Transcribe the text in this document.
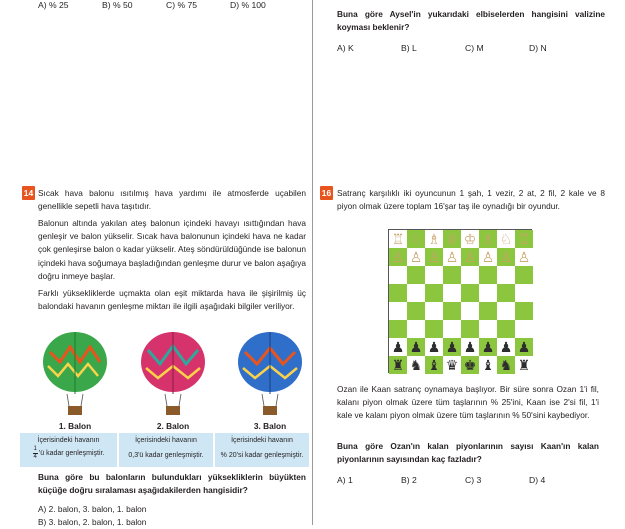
A) % 25	B) % 50	C) % 75	D) % 100
Buna göre Aysel'in yukarıdaki elbiselerden hangisini valizine koyması beklenir?
A) K	B) L	C) M	D) N
14 Sıcak hava balonu ısıtılmış hava yardımı ile atmosferde uçabilen genellikle sepetli hava taşıtıdır.
Balonun altında yakılan ateş balonun içindeki havayı ısıttığından hava genleşir ve balon yükselir. Sıcak hava balonunun içindeki hava ne kadar çok genleşirse balon o kadar yükselir. Ateş söndürüldüğünde ise balonun içindeki hava soğumaya başladığından genleşme durur ve balon aşağıya doğru inmeye başlar.
Farklı yüksekliklerde uçmakta olan eşit miktarda hava ile şişirilmiş üç balondaki havanın genleşme miktarı ile ilgili aşağıdaki bilgiler veriliyor.
1. Balon	2. Balon	3. Balon
İçerisindeki havanın
$\frac{1}{4}$ 'ü kadar genleşmiştir.
İçerisindeki havanın
0,3'ü kadar genleşmiştir.
İçerisindeki havanın
% 20'si kadar genleşmiştir.
Buna göre bu balonların bulundukları yüksekliklerin büyükten küçüğe doğru sıralaması aşağıdakilerden hangisidir?
A) 2. balon, 3. balon, 1. balon
B) 3. balon, 2. balon, 1. balon
16 Satranç karşılıklı iki oyuncunun 1 şah, 1 vezir, 2 at, 2 fil, 2 kale ve 8 piyon olmak üzere toplam 16'şar taş ile oynadığı bir oyundur.
♖ ♘ ♗ ♕ ♔ ♗ ♘ ♖
♙ ♙ ♙ ♙ ♙ ♙ ♙ ♙
♟ ♟ ♟ ♟ ♟ ♟ ♟ ♟
♜ ♞ ♝ ♛ ♚ ♝ ♞ ♜
Ozan ile Kaan satranç oynamaya başlıyor. Bir süre sonra Ozan 1'i fil, kalanı piyon olmak üzere tüm taşlarının % 25'ini, Kaan ise 2'si fil, 1'i kale ve kalanı piyon olmak üzere tüm taşlarının % 50'sini kaybediyor.
Buna göre Ozan'ın kalan piyonlarının sayısı Kaan'ın kalan piyonlarının sayısından kaç fazladır?
A) 1	B) 2	C) 3	D) 4
